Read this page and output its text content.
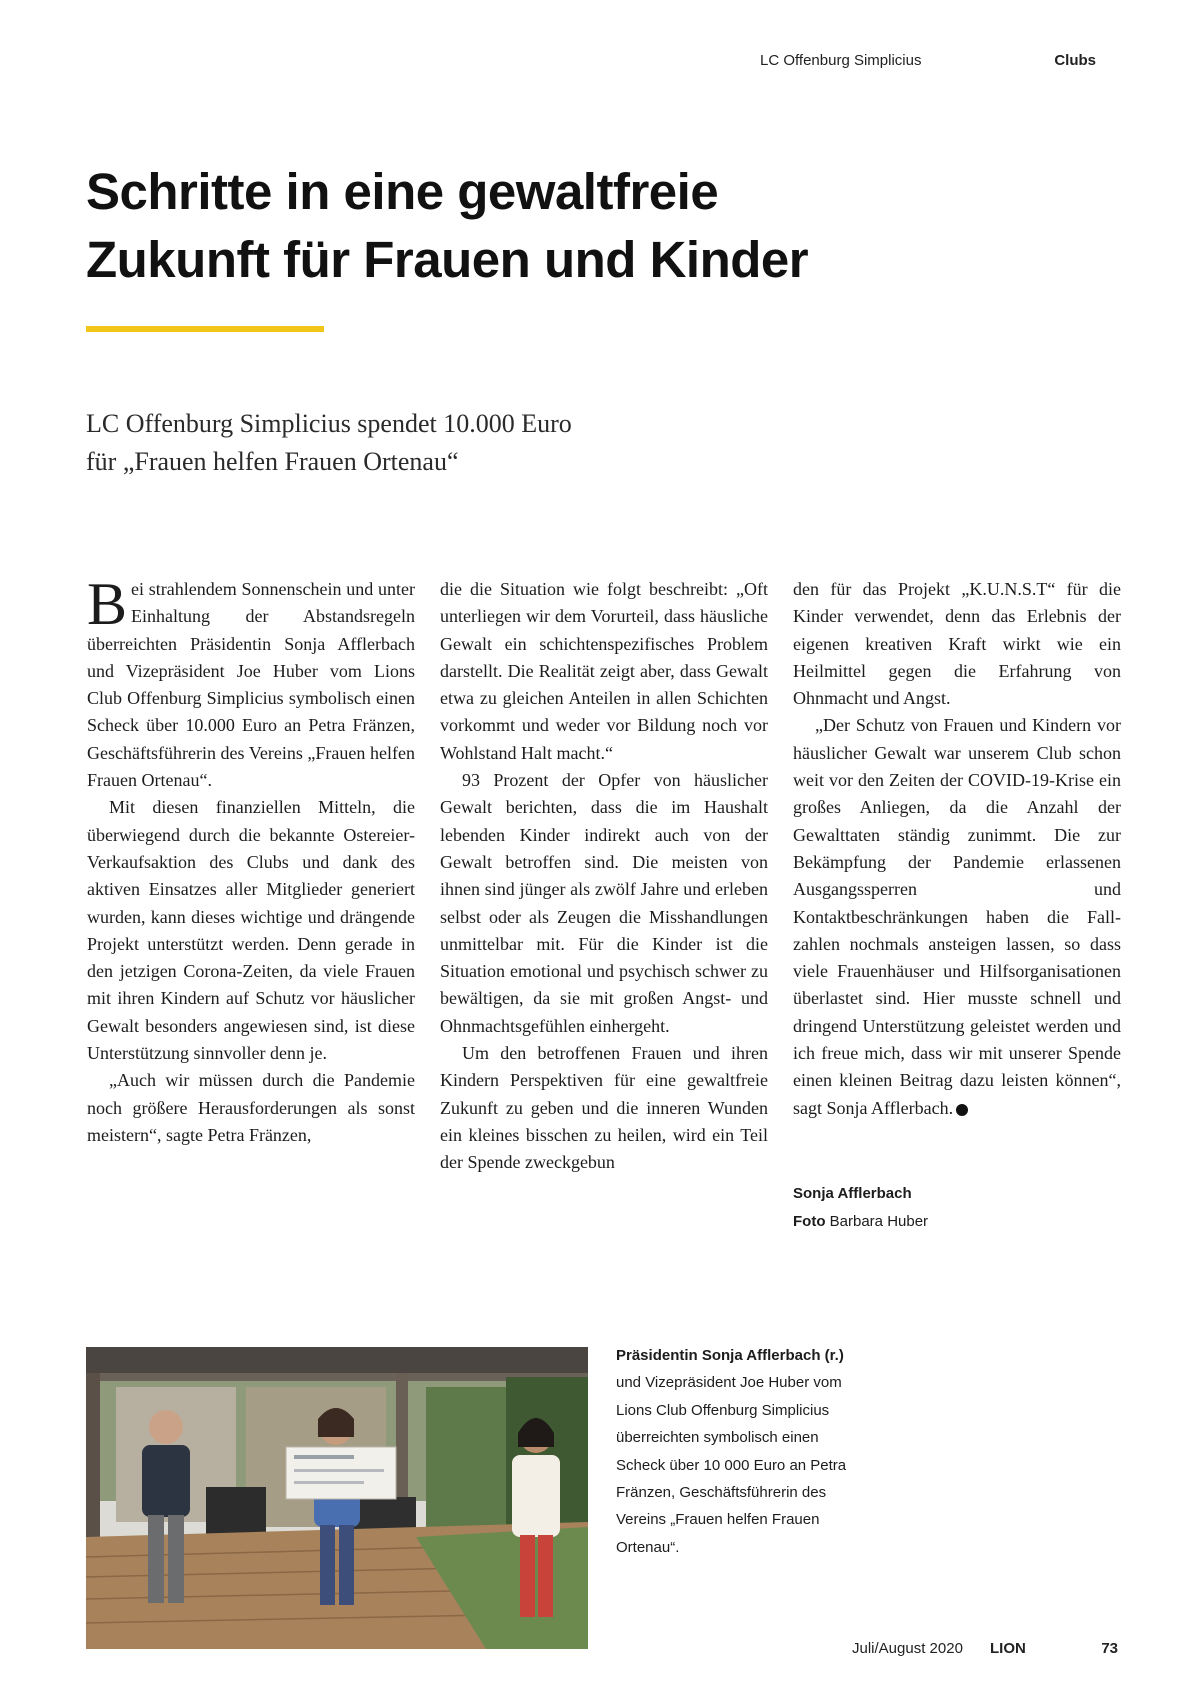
LC Offenburg Simplicius	Clubs
Schritte in eine gewaltfreie
Zukunft für Frauen und Kinder
LC Offenburg Simplicius spendet 10.000 Euro
für „Frauen helfen Frauen Ortenau“

Bei strahlendem Sonnenschein und unter Einhaltung der Abstandsregeln überreichten Präsidentin Sonja Afflerbach und Vizepräsident Joe Huber vom Lions Club Offenburg Simplicius symbolisch einen Scheck über 10.000 Euro an Petra Fränzen, Geschäftsführerin des Vereins „Frauen helfen Frauen Ortenau“.

Mit diesen finanziellen Mitteln, die überwiegend durch die bekannte Ostereier-Verkaufsaktion des Clubs und dank des aktiven Einsatzes aller Mitglieder generiert wurden, kann dieses wichtige und drängende Projekt unterstützt werden. Denn gerade in den jetzigen Corona-Zeiten, da viele Frauen mit ihren Kindern auf Schutz vor häuslicher Gewalt besonders angewiesen sind, ist diese Unterstützung sinnvoller denn je.

„Auch wir müssen durch die Pandemie noch größere Herausforderungen als sonst meistern“, sagte Petra Fränzen,

die die Situation wie folgt beschreibt: „Oft unterliegen wir dem Vorurteil, dass häusliche Gewalt ein schichtenspezifisches Problem darstellt. Die Realität zeigt aber, dass Gewalt etwa zu gleichen Anteilen in allen Schichten vorkommt und weder vor Bildung noch vor Wohlstand Halt macht.“

93 Prozent der Opfer von häuslicher Gewalt berichten, dass die im Haushalt lebenden Kinder indirekt auch von der Gewalt betroffen sind. Die meisten von ihnen sind jünger als zwölf Jahre und erleben selbst oder als Zeugen die Misshandlungen unmittelbar mit. Für die Kinder ist die Situation emotional und psychisch schwer zu bewältigen, da sie mit großen Angst- und Ohnmachtsgefühlen einhergeht.

Um den betroffenen Frauen und ihren Kindern Perspektiven für eine gewaltfreie Zukunft zu geben und die inneren Wunden ein kleines bisschen zu heilen, wird ein Teil der Spende zweckgebun

den für das Projekt „K.U.N.S.T“ für die Kinder verwendet, denn das Erlebnis der eigenen kreativen Kraft wirkt wie ein Heilmittel gegen die Erfahrung von Ohnmacht und Angst.

„Der Schutz von Frauen und Kindern vor häuslicher Gewalt war unserem Club schon weit vor den Zeiten der COVID-19-Krise ein großes Anliegen, da die Anzahl der Gewalttaten ständig zunimmt. Die zur Bekämpfung der Pandemie erlassenen Ausgangssperren und Kontaktbeschränkungen haben die Fallzahlen nochmals ansteigen lassen, so dass viele Frauenhäuser und Hilfsorganisationen überlastet sind. Hier musste schnell und dringend Unterstützung geleistet werden und ich freue mich, dass wir mit unserer Spende einen kleinen Beitrag dazu leisten können“, sagt Sonja Afflerbach.	L

Sonja Afflerbach
Foto Barbara Huber
Präsidentin Sonja Afflerbach (r.)
und Vizepräsident Joe Huber vom
Lions Club Offenburg Simplicius
überreichten symbolisch einen
Scheck über 10 000 Euro an Petra
Fränzen, Geschäftsführerin des
Vereins „Frauen helfen Frauen
Ortenau“.
Juli/August 2020 LION	73
